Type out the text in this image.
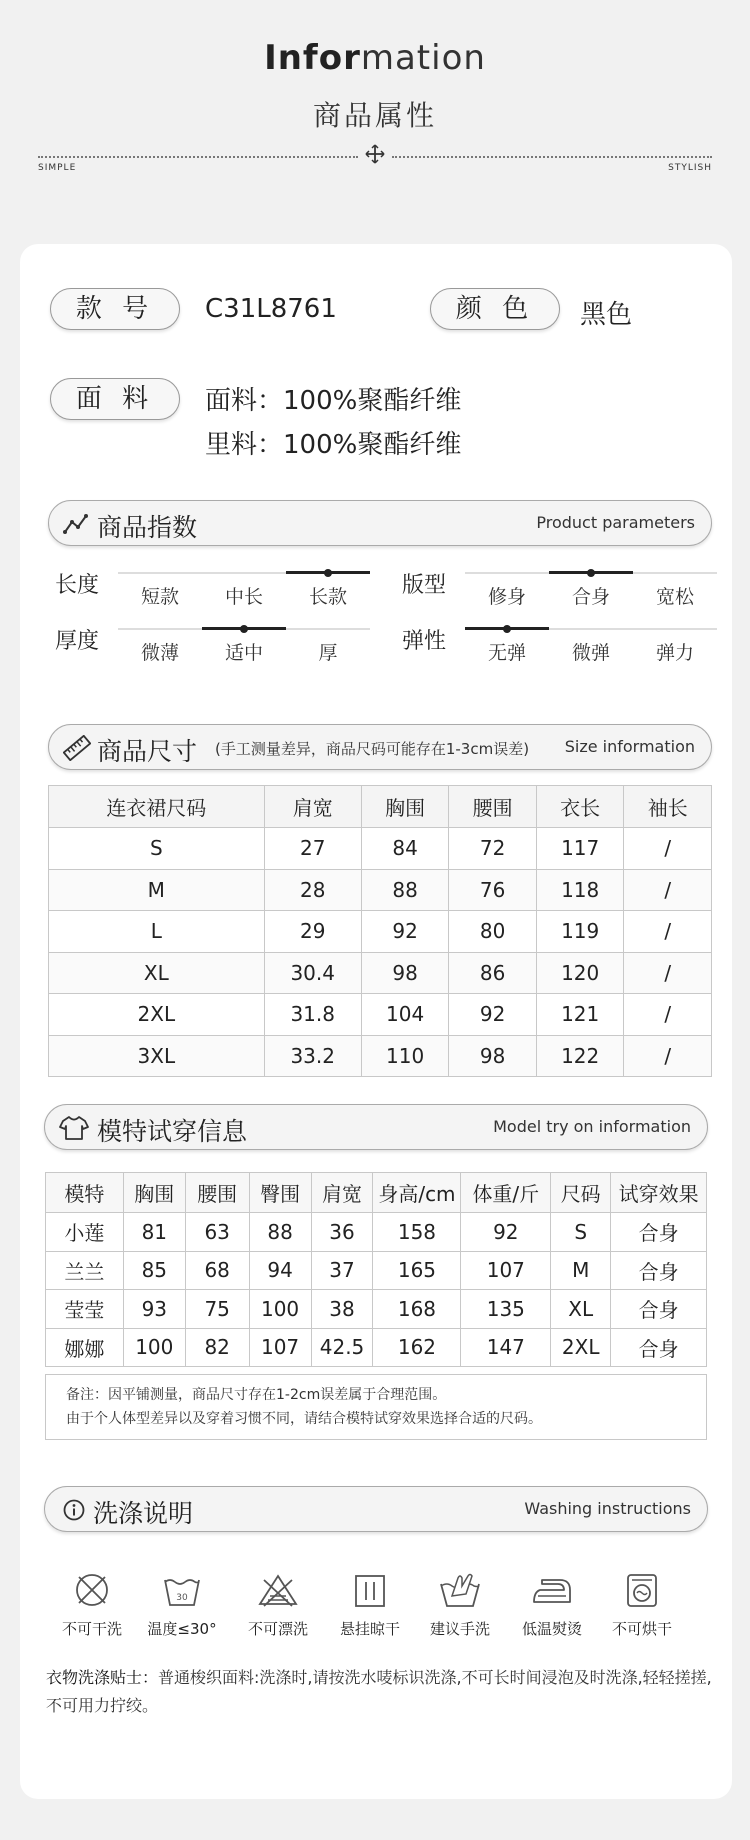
Information
商品属性
SIMPLE	STYLISH
款 号	C31L8761	颜 色	黑色
面 料	面料：100%聚酯纤维
里料：100%聚酯纤维
商品指数	Product parameters
长度	短款	中长	长款	版型	修身	合身	宽松
厚度	微薄	适中	厚	弹性	无弹	微弹	弹力
商品尺寸 (手工测量差异，商品尺码可能存在1-3cm误差) Size information
连衣裙尺码	肩宽	胸围	腰围	衣长	袖长
S	27	84	72	117	/
M	28	88	76	118	/
L	29	92	80	119	/
XL	30.4	98	86	120	/
2XL	31.8	104	92	121	/
3XL	33.2	110	98	122	/
模特试穿信息	Model try on information
模特	胸围	腰围	臀围	肩宽	身高/cm	体重/斤	尺码	试穿效果
小莲	81	63	88	36	158	92	S	合身
兰兰	85	68	94	37	165	107	M	合身
莹莹	93	75	100	38	168	135	XL	合身
娜娜	100	82	107	42.5	162	147	2XL	合身
备注：因平铺测量，商品尺寸存在1-2cm误差属于合理范围。
由于个人体型差异以及穿着习惯不同，请结合模特试穿效果选择合适的尺码。
洗涤说明	Washing instructions
不可干洗
30
温度≤30°	不可漂洗	悬挂晾干	建议手洗	低温熨烫	不可烘干
衣物洗涤贴士：普通梭织面料:洗涤时,请按洗水唛标识洗涤,不可长时间浸泡及时洗涤,轻轻搓搓,不可用力拧绞。
